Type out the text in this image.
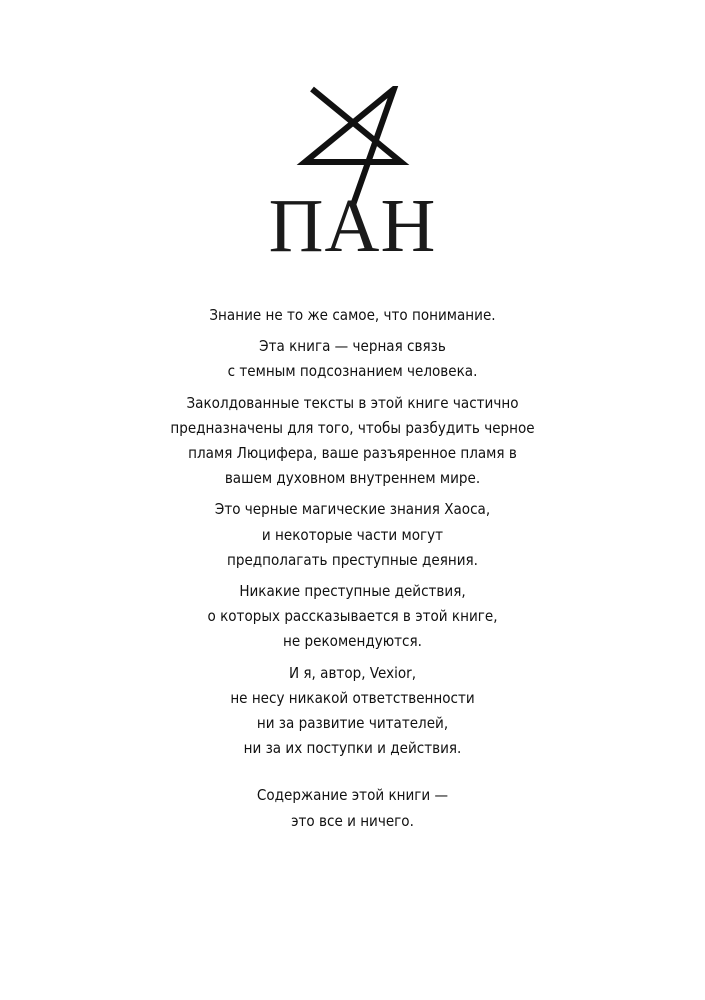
ПАН

Знание не то же самое, что понимание.

Эта книга — черная связь
с темным подсознанием человека.

Заколдованные тексты в этой книге частично
предназначены для того, чтобы разбудить черное
пламя Люцифера, ваше разъяренное пламя в
вашем духовном внутреннем мире.

Это черные магические знания Хаоса,
и некоторые части могут
предполагать преступные деяния.

Никакие преступные действия,
о которых рассказывается в этой книге,
не рекомендуются.

И я, автор, Vexior,
не несу никакой ответственности
ни за развитие читателей,
ни за их поступки и действия.

Содержание этой книги —
это все и ничего.
